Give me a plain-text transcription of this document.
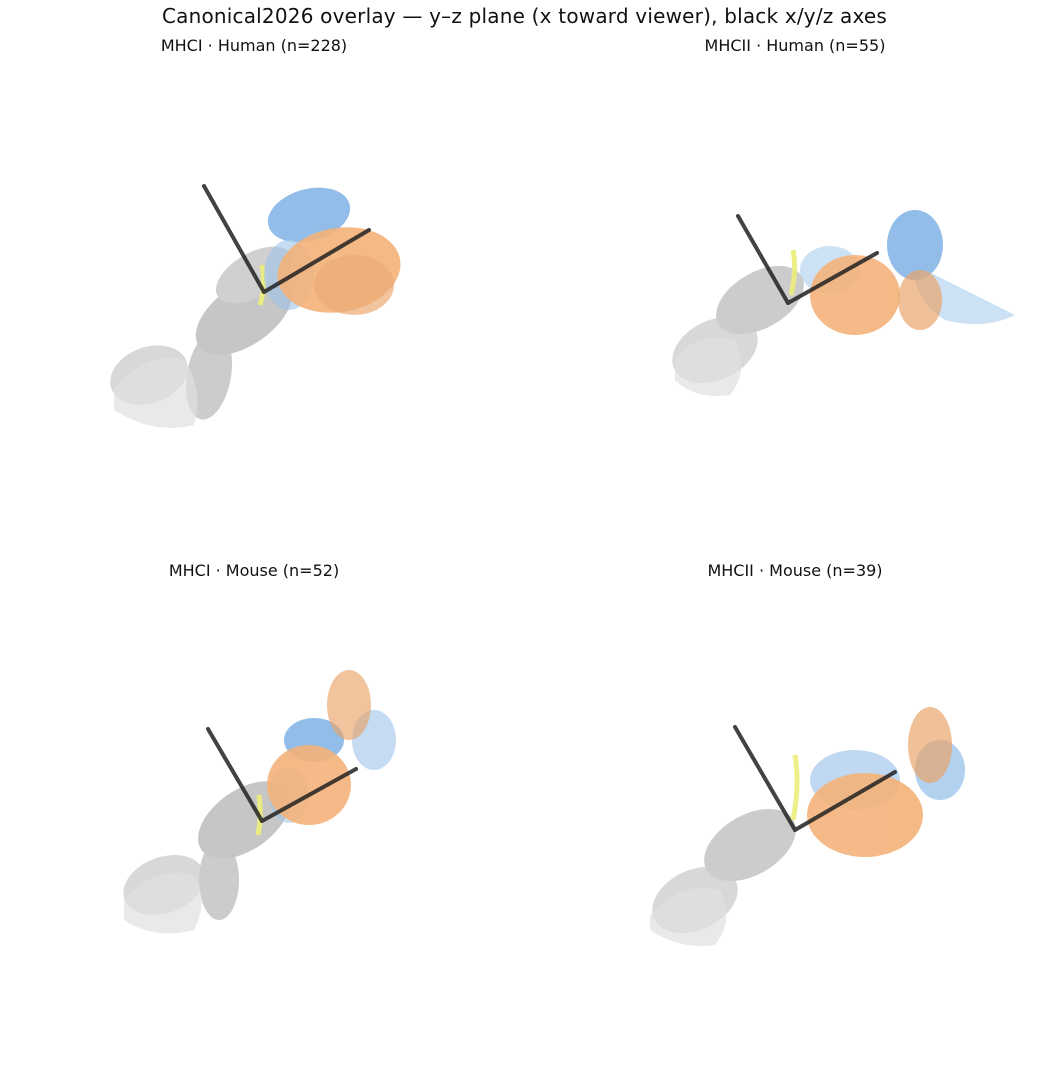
Canonical2026 overlay — y–z plane (x toward viewer), black x/y/z axes
MHCI · Human (n=228)	MHCII · Human (n=55)
MHCI · Mouse (n=52)	MHCII · Mouse (n=39)
